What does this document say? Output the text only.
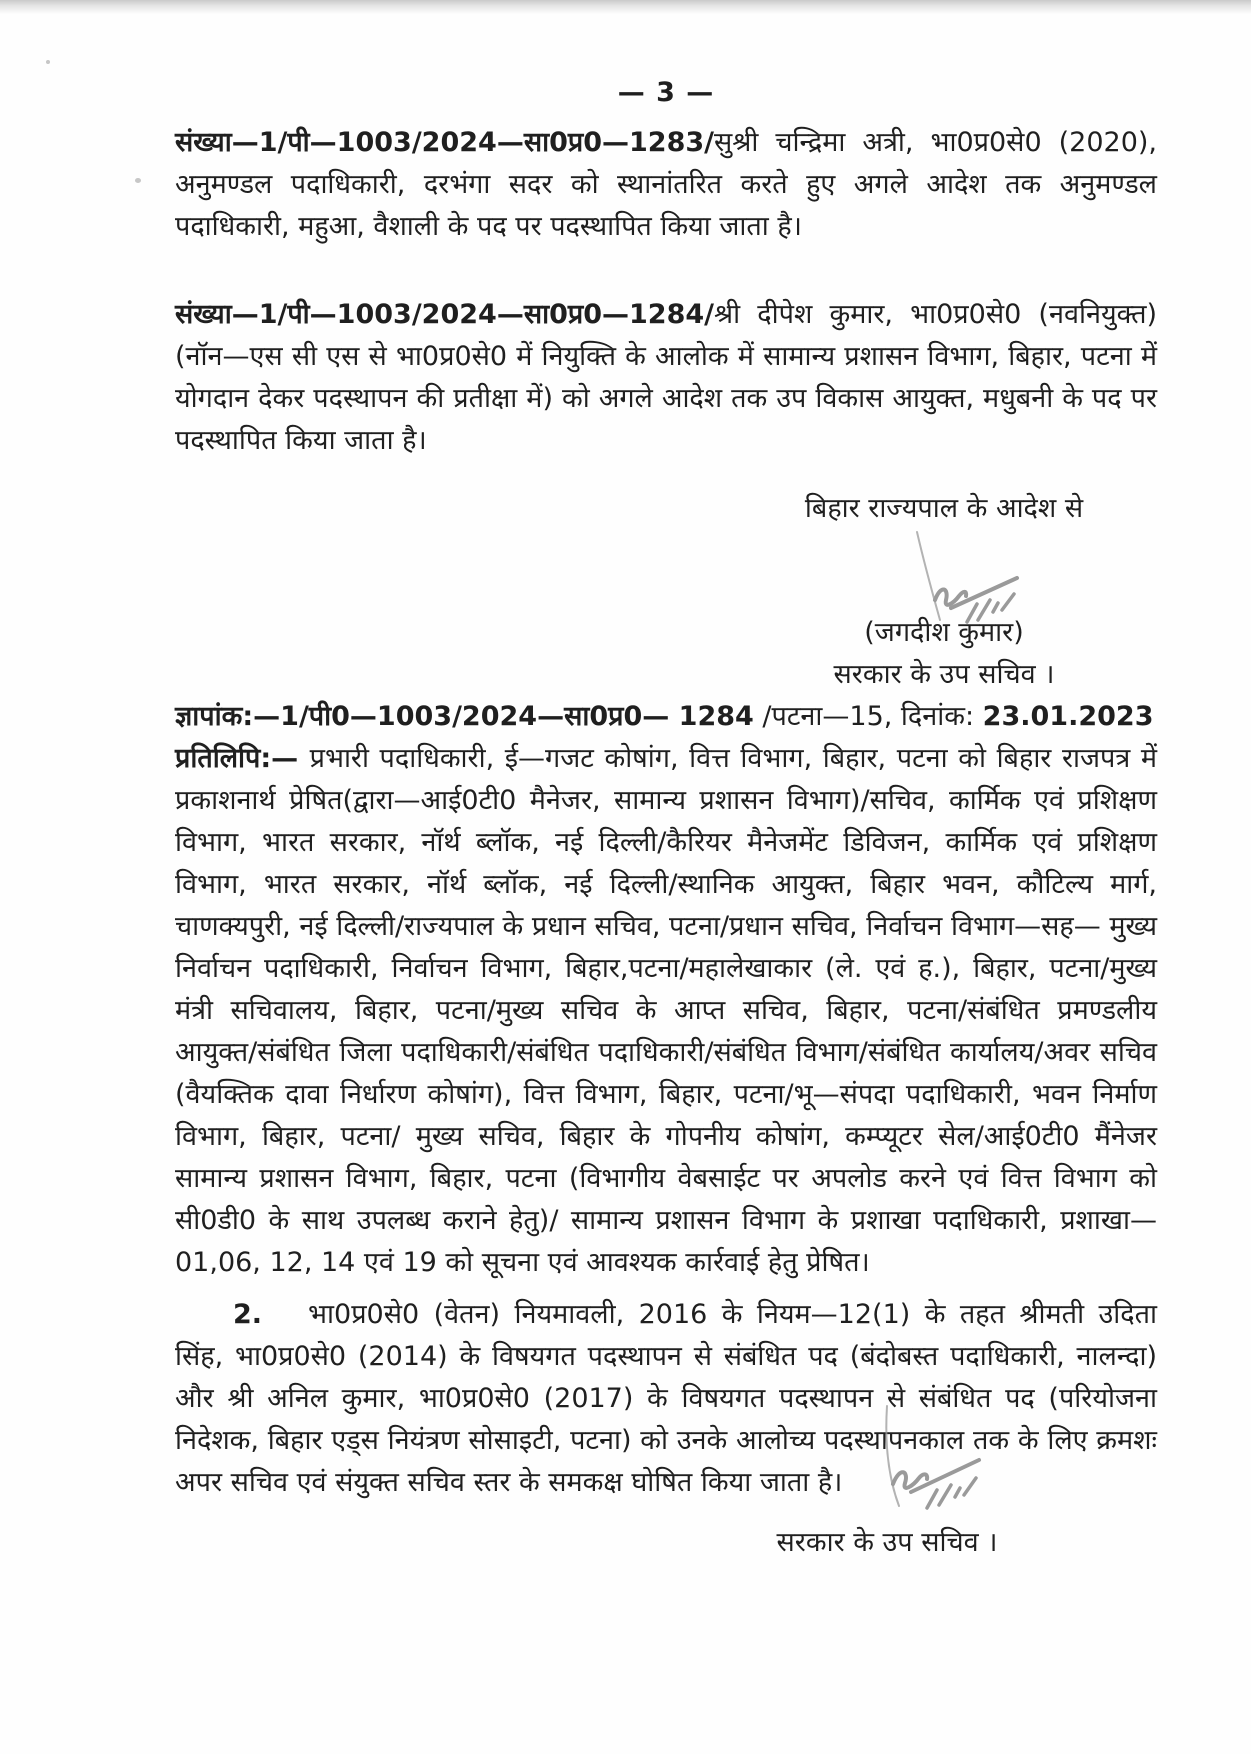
— 3 —

संख्या—1/पी—1003/2024—सा0प्र0—1283/सुश्री चन्द्रिमा अत्री, भा0प्र0से0 (2020), अनुमण्डल पदाधिकारी, दरभंगा सदर को स्थानांतरित करते हुए अगले आदेश तक अनुमण्डल पदाधिकारी, महुआ, वैशाली के पद पर पदस्थापित किया जाता है।

संख्या—1/पी—1003/2024—सा0प्र0—1284/श्री दीपेश कुमार, भा0प्र0से0 (नवनियुक्त) (नॉन—एस सी एस से भा0प्र0से0 में नियुक्ति के आलोक में सामान्य प्रशासन विभाग, बिहार, पटना में योगदान देकर पदस्थापन की प्रतीक्षा में) को अगले आदेश तक उप विकास आयुक्त, मधुबनी के पद पर पदस्थापित किया जाता है।

बिहार राज्यपाल के आदेश से
(जगदीश कुमार)
सरकार के उप सचिव ।

ज्ञापांक:—1/पी0—1003/2024—सा0प्र0— 1284 /पटना—15, दिनांक: 23.01.2023

प्रतिलिपि:— प्रभारी पदाधिकारी, ई—गजट कोषांग, वित्त विभाग, बिहार, पटना को बिहार राजपत्र में प्रकाशनार्थ प्रेषित(द्वारा—आई0टी0 मैनेजर, सामान्य प्रशासन विभाग)/सचिव, कार्मिक एवं प्रशिक्षण विभाग, भारत सरकार, नॉर्थ ब्लॉक, नई दिल्ली/कैरियर मैनेजमेंट डिविजन, कार्मिक एवं प्रशिक्षण विभाग, भारत सरकार, नॉर्थ ब्लॉक, नई दिल्ली/स्थानिक आयुक्त, बिहार भवन, कौटिल्य मार्ग, चाणक्यपुरी, नई दिल्ली/राज्यपाल के प्रधान सचिव, पटना/प्रधान सचिव, निर्वाचन विभाग—सह— मुख्य निर्वाचन पदाधिकारी, निर्वाचन विभाग, बिहार,पटना/महालेखाकार (ले. एवं ह.), बिहार, पटना/मुख्य मंत्री सचिवालय, बिहार, पटना/मुख्य सचिव के आप्त सचिव, बिहार, पटना/संबंधित प्रमण्डलीय आयुक्त/संबंधित जिला पदाधिकारी/संबंधित पदाधिकारी/संबंधित विभाग/संबंधित कार्यालय/अवर सचिव (वैयक्तिक दावा निर्धारण कोषांग), वित्त विभाग, बिहार, पटना/भू—संपदा पदाधिकारी, भवन निर्माण विभाग, बिहार, पटना/ मुख्य सचिव, बिहार के गोपनीय कोषांग, कम्प्यूटर सेल/आई0टी0 मैंनेजर सामान्य प्रशासन विभाग, बिहार, पटना (विभागीय वेबसाईट पर अपलोड करने एवं वित्त विभाग को सी0डी0 के साथ उपलब्ध कराने हेतु)/ सामान्य प्रशासन विभाग के प्रशाखा पदाधिकारी, प्रशाखा—01,06, 12, 14 एवं 19 को सूचना एवं आवश्यक कार्रवाई हेतु प्रेषित।

2. भा0प्र0से0 (वेतन) नियमावली, 2016 के नियम—12(1) के तहत श्रीमती उदिता सिंह, भा0प्र0से0 (2014) के विषयगत पदस्थापन से संबंधित पद (बंदोबस्त पदाधिकारी, नालन्दा) और श्री अनिल कुमार, भा0प्र0से0 (2017) के विषयगत पदस्थापन से संबंधित पद (परियोजना निदेशक, बिहार एड्स नियंत्रण सोसाइटी, पटना) को उनके आलोच्य पदस्थापनकाल तक के लिए क्रमशः अपर सचिव एवं संयुक्त सचिव स्तर के समकक्ष घोषित किया जाता है।

सरकार के उप सचिव ।
